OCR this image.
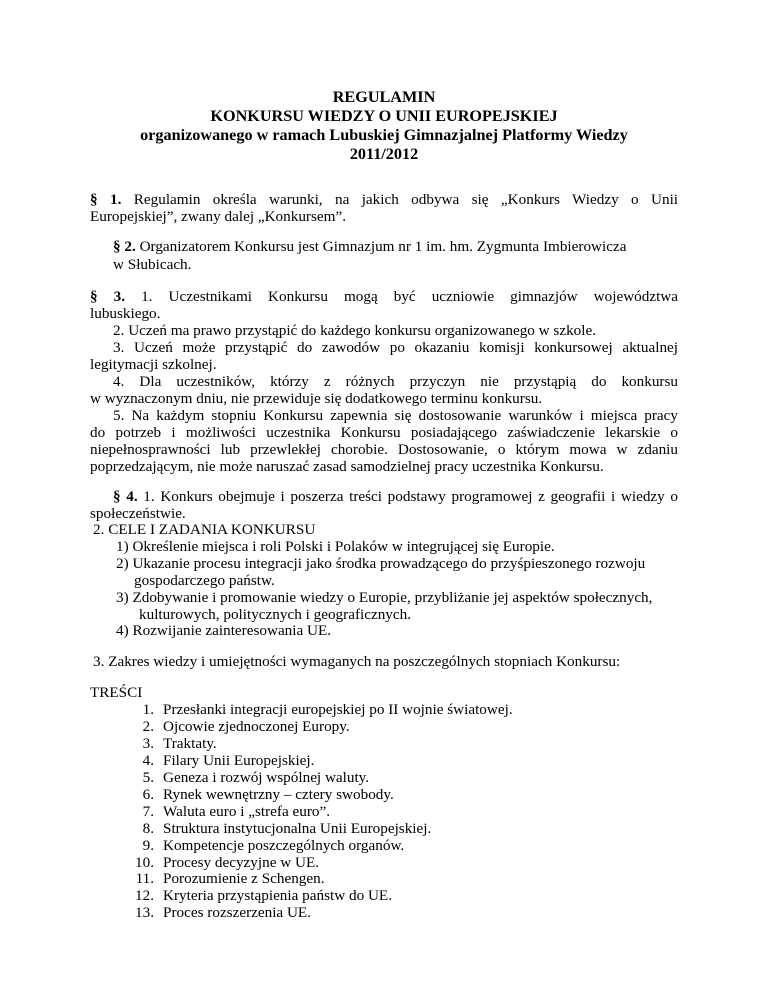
REGULAMIN
KONKURSU WIEDZY O UNII EUROPEJSKIEJ
organizowanego w ramach Lubuskiej Gimnazjalnej Platformy Wiedzy
2011/2012
§ 1. Regulamin określa warunki, na jakich odbywa się „Konkurs Wiedzy o Unii
Europejskiej”, zwany dalej „Konkursem”.
§ 2. Organizatorem Konkursu jest Gimnazjum nr 1 im. hm. Zygmunta Imbierowicza
w Słubicach.
§ 3. 1. Uczestnikami Konkursu mogą być uczniowie gimnazjów województwa
lubuskiego.
2. Uczeń ma prawo przystąpić do każdego konkursu organizowanego w szkole.
3. Uczeń może przystąpić do zawodów po okazaniu komisji konkursowej aktualnej
legitymacji szkolnej.
4. Dla uczestników, którzy z różnych przyczyn nie przystąpią do konkursu
w wyznaczonym dniu, nie przewiduje się dodatkowego terminu konkursu.
5. Na każdym stopniu Konkursu zapewnia się dostosowanie warunków i miejsca pracy
do potrzeb i możliwości uczestnika Konkursu posiadającego zaświadczenie lekarskie o
niepełnosprawności lub przewlekłej chorobie. Dostosowanie, o którym mowa w zdaniu
poprzedzającym, nie może naruszać zasad samodzielnej pracy uczestnika Konkursu.
§ 4. 1. Konkurs obejmuje i poszerza treści podstawy programowej z geografii i wiedzy o
społeczeństwie.
2. CELE I ZADANIA KONKURSU
1) Określenie miejsca i roli Polski i Polaków w integrującej się Europie.
2) Ukazanie procesu integracji jako środka prowadzącego do przyśpieszonego rozwoju
gospodarczego państw.
3) Zdobywanie i promowanie wiedzy o Europie, przybliżanie jej aspektów społecznych,
kulturowych, politycznych i geograficznych.
4) Rozwijanie zainteresowania UE.
3. Zakres wiedzy i umiejętności wymaganych na poszczególnych stopniach Konkursu:
TREŚCI
1. Przesłanki integracji europejskiej po II wojnie światowej.
2. Ojcowie zjednoczonej Europy.
3. Traktaty.
4. Filary Unii Europejskiej.
5. Geneza i rozwój wspólnej waluty.
6. Rynek wewnętrzny – cztery swobody.
7. Waluta euro i „strefa euro”.
8. Struktura instytucjonalna Unii Europejskiej.
9. Kompetencje poszczególnych organów.
10. Procesy decyzyjne w UE.
11. Porozumienie z Schengen.
12. Kryteria przystąpienia państw do UE.
13. Proces rozszerzenia UE.
